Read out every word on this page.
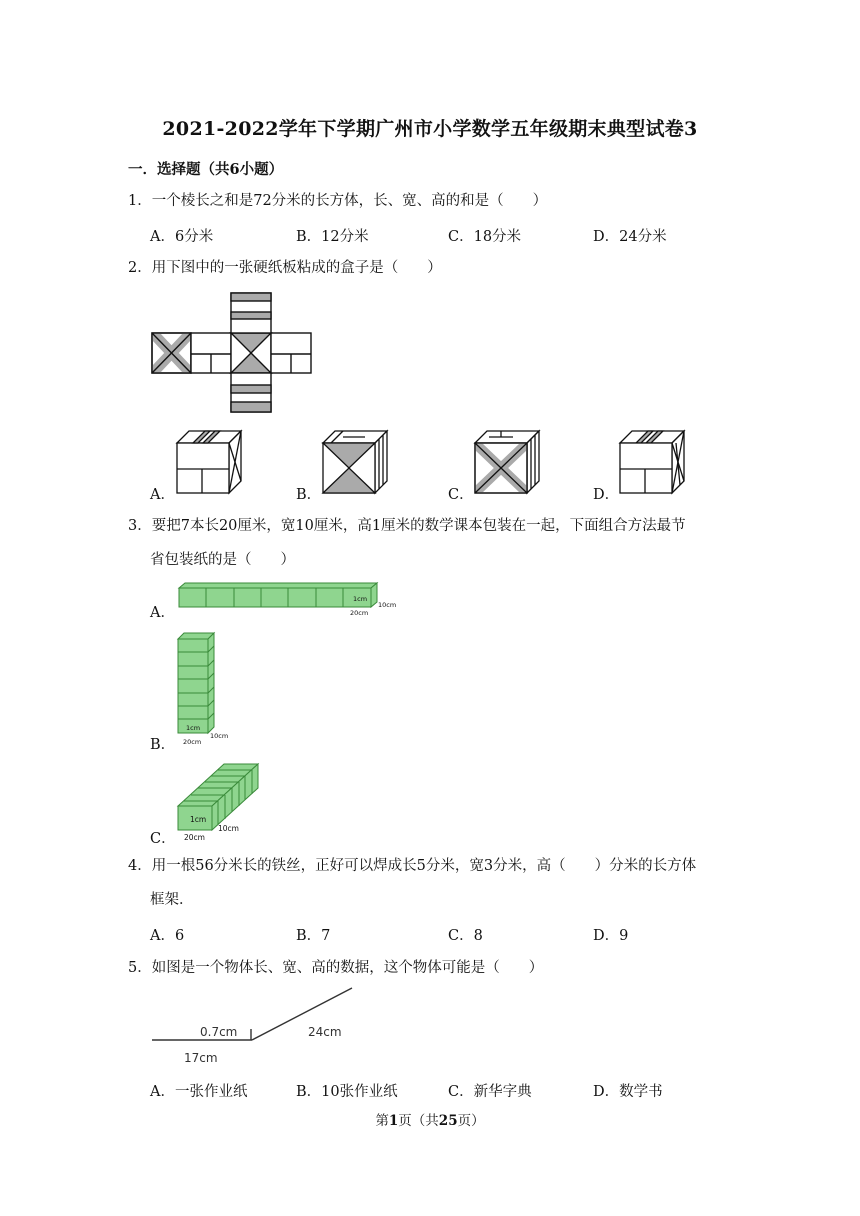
2021-2022学年下学期广州市小学数学五年级期末典型试卷3
一．选择题（共6小题）
1．一个棱长之和是72分米的长方体，长、宽、高的和是（　　）
A．6分米	B．12分米	C．18分米	D．24分米
2．用下图中的一张硬纸板粘成的盒子是（　　）
A．	B．	C．	D．
3．要把7本长20厘米，宽10厘米，高1厘米的数学课本包装在一起，下面组合方法最节
省包装纸的是（　　）
A．
1cm
10cm
20cm
B．
1cm
10cm
20cm
C．
1cm
10cm
20cm
4．用一根56分米长的铁丝，正好可以焊成长5分米，宽3分米，高（　　）分米的长方体
框架．
A．6	B．7	C．8	D．9
5．如图是一个物体长、宽、高的数据，这个物体可能是（　　）
0.7cm	24cm
17cm
A．一张作业纸	B．10张作业纸	C．新华字典	D．数学书
第1页（共25页）
